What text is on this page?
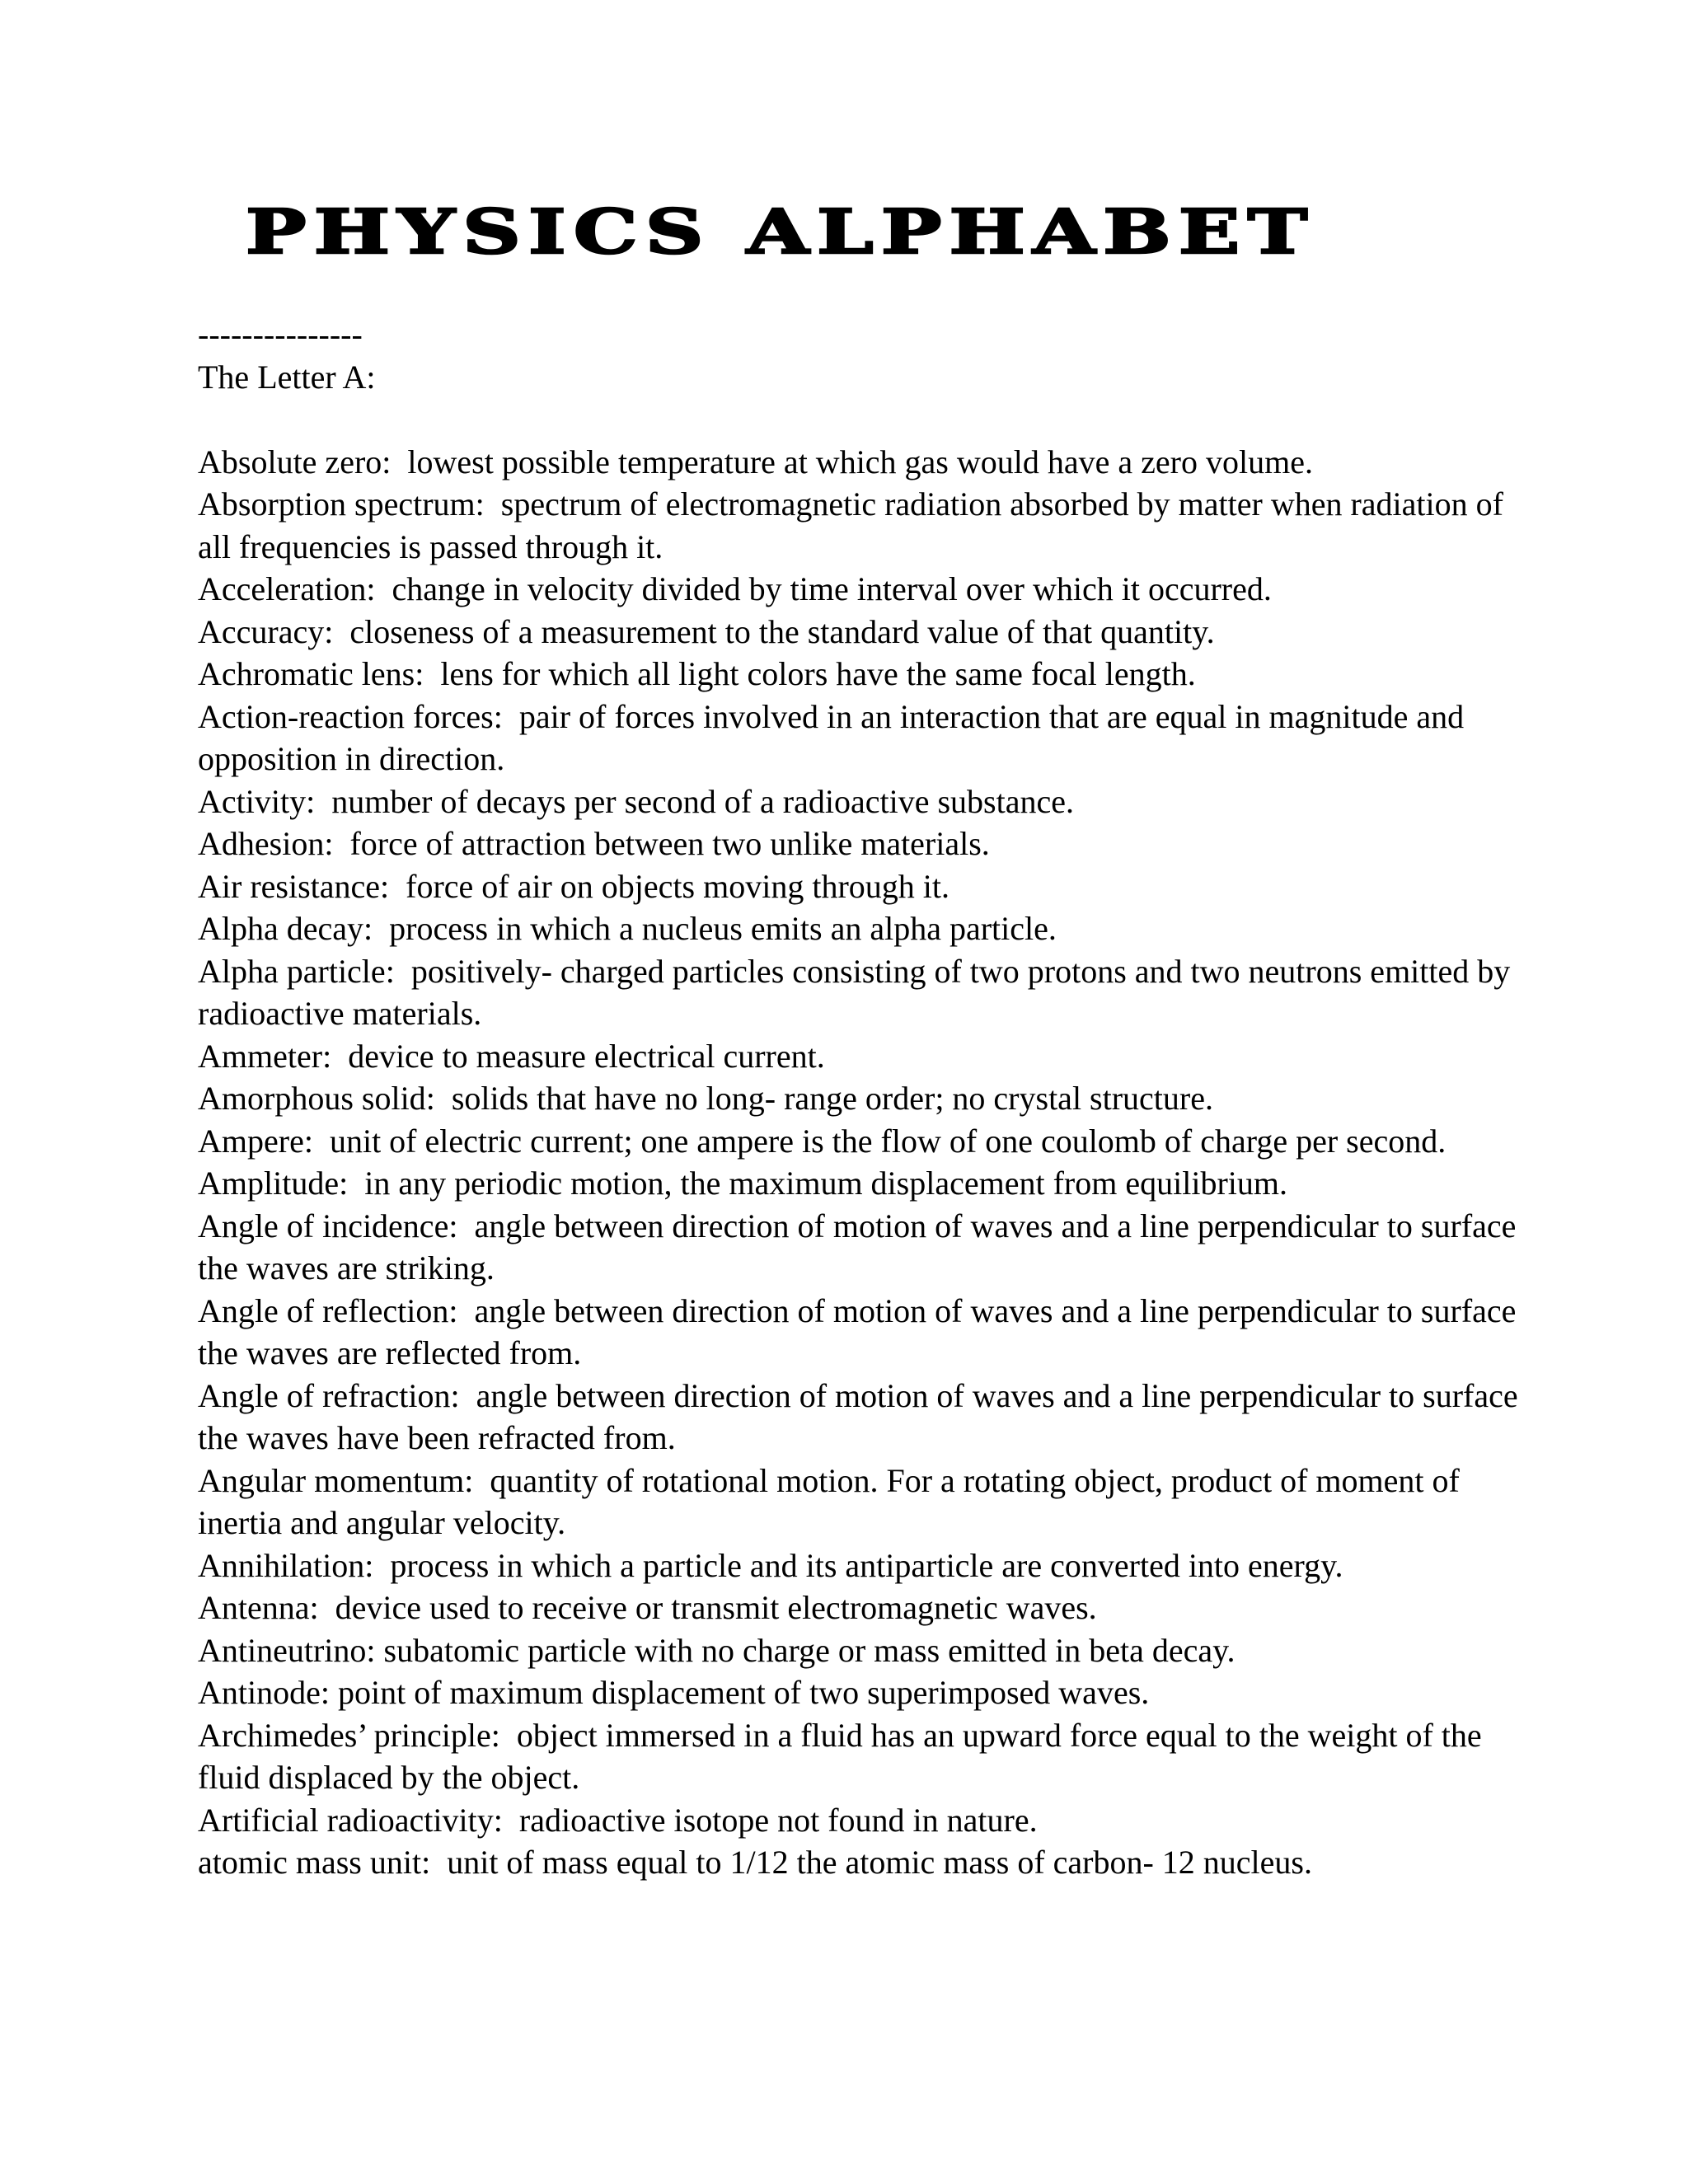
PHYSICS ALPHABET

---------------

The Letter A:

Absolute zero : lowest possible temperature at which gas would have a zero volume.
Absorption spectrum : spectrum of electromagnetic radiation absorbed by matter when radiation of all frequencies is passed through it.
Acceleration : change in velocity divided by time interval over which it occurred.
Accuracy : closeness of a measurement to the standard value of that quantity.
Achromatic lens : lens for which all light colors have the same focal length.
Action-reaction forces : pair of forces involved in an interaction that are equal in magnitude and opposition in direction.
Activity : number of decays per second of a radioactive substance.
Adhesion : force of attraction between two unlike materials.
Air resistance : force of air on objects moving through it.
Alpha decay : process in which a nucleus emits an alpha particle.
Alpha particle : positively- charged particles consisting of two protons and two neutrons emitted by radioactive materials.
Ammeter : device to measure electrical current.
Amorphous solid : solids that have no long- range order; no crystal structure.
Ampere : unit of electric current; one ampere is the flow of one coulomb of charge per second.
Amplitude : in any periodic motion, the maximum displacement from equilibrium.
Angle of incidence : angle between direction of motion of waves and a line perpendicular to surface the waves are striking.
Angle of reflection : angle between direction of motion of waves and a line perpendicular to surface the waves are reflected from.
Angle of refraction : angle between direction of motion of waves and a line perpendicular to surface the waves have been refracted from.
Angular momentum : quantity of rotational motion. For a rotating object, product of moment of inertia and angular velocity.
Annihilation : process in which a particle and its antiparticle are converted into energy.
Antenna : device used to receive or transmit electromagnetic waves.
Antineutrino : subatomic particle with no charge or mass emitted in beta decay.
Antinode : point of maximum displacement of two superimposed waves.
Archimedes’ principle : object immersed in a fluid has an upward force equal to the weight of the fluid displaced by the object.
Artificial radioactivity : radioactive isotope not found in nature.
atomic mass unit : unit of mass equal to 1/12 the atomic mass of carbon- 12 nucleus.
